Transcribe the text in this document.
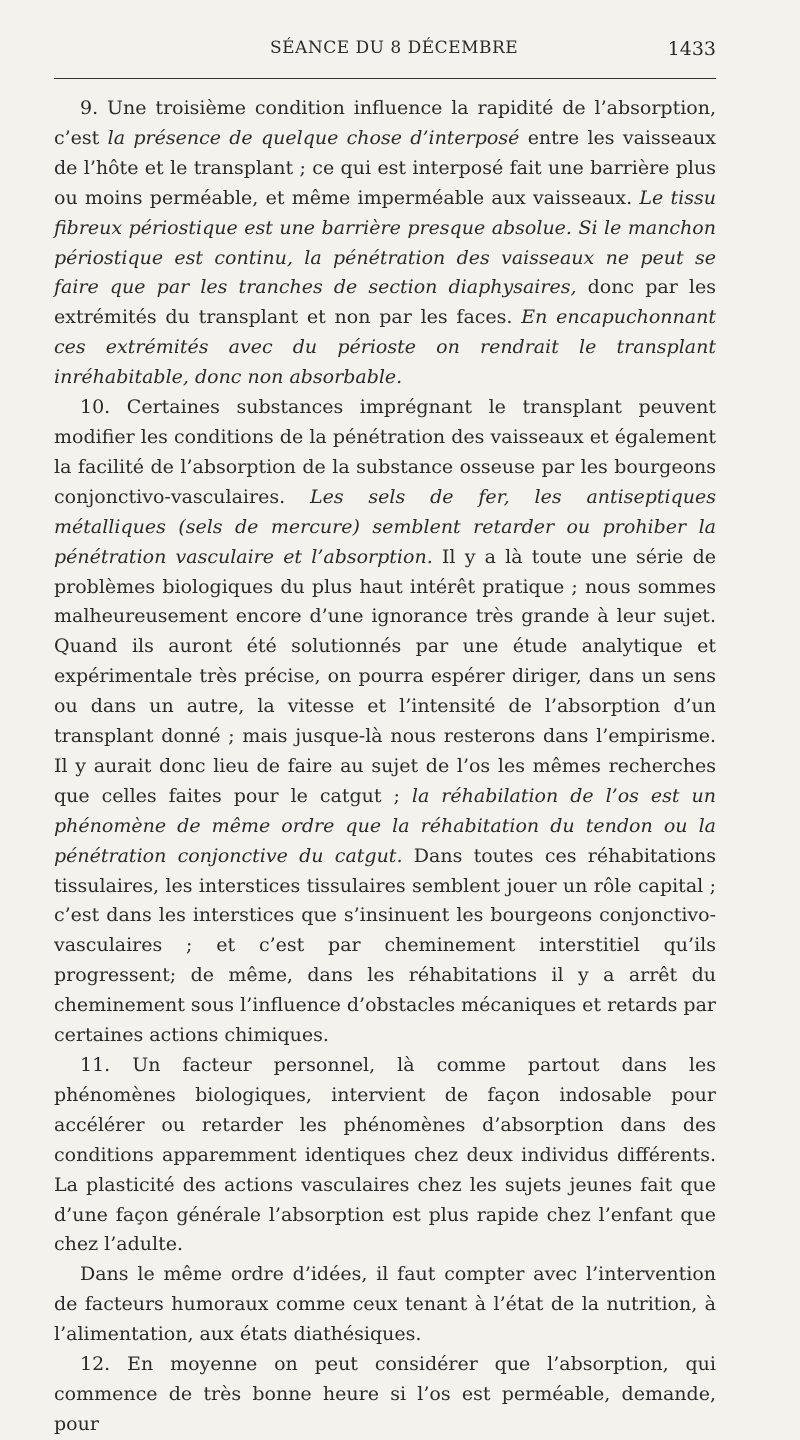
SÉANCE DU 8 DÉCEMBRE	1433

9. Une troisième condition influence la rapidité de l’absorption, c’est la présence de quelque chose d’interposé entre les vaisseaux de l’hôte et le transplant ; ce qui est interposé fait une barrière plus ou moins perméable, et même imperméable aux vaisseaux. Le tissu fibreux périostique est une barrière presque absolue. Si le manchon périostique est continu, la pénétration des vaisseaux ne peut se faire que par les tranches de section diaphysaires, donc par les extrémités du transplant et non par les faces. En encapuchonnant ces extrémités avec du périoste on rendrait le transplant inréhabitable, donc non absorbable.

10. Certaines substances imprégnant le transplant peuvent modifier les conditions de la pénétration des vaisseaux et également la facilité de l’absorption de la substance osseuse par les bourgeons conjonctivo-vasculaires. Les sels de fer, les antiseptiques métalliques (sels de mercure) semblent retarder ou prohiber la pénétration vasculaire et l’absorption. Il y a là toute une série de problèmes biologiques du plus haut intérêt pratique ; nous sommes malheureusement encore d’une ignorance très grande à leur sujet. Quand ils auront été solutionnés par une étude analytique et expérimentale très précise, on pourra espérer diriger, dans un sens ou dans un autre, la vitesse et l’intensité de l’absorption d’un transplant donné ; mais jusque-là nous resterons dans l’empirisme. Il y aurait donc lieu de faire au sujet de l’os les mêmes recherches que celles faites pour le catgut ; la réhabilation de l’os est un phénomène de même ordre que la réhabitation du tendon ou la pénétration conjonctive du catgut. Dans toutes ces réhabitations tissulaires, les interstices tissulaires semblent jouer un rôle capital ; c’est dans les interstices que s’insinuent les bourgeons conjonctivo-vasculaires ; et c’est par cheminement interstitiel qu’ils progressent; de même, dans les réhabitations il y a arrêt du cheminement sous l’influence d’obstacles mécaniques et retards par certaines actions chimiques.

11. Un facteur personnel, là comme partout dans les phénomènes biologiques, intervient de façon indosable pour accélérer ou retarder les phénomènes d’absorption dans des conditions apparemment identiques chez deux individus différents. La plasticité des actions vasculaires chez les sujets jeunes fait que d’une façon générale l’absorption est plus rapide chez l’enfant que chez l’adulte.

Dans le même ordre d’idées, il faut compter avec l’intervention de facteurs humoraux comme ceux tenant à l’état de la nutrition, à l’alimentation, aux états diathésiques.

12. En moyenne on peut considérer que l’absorption, qui commence de très bonne heure si l’os est perméable, demande, pour
